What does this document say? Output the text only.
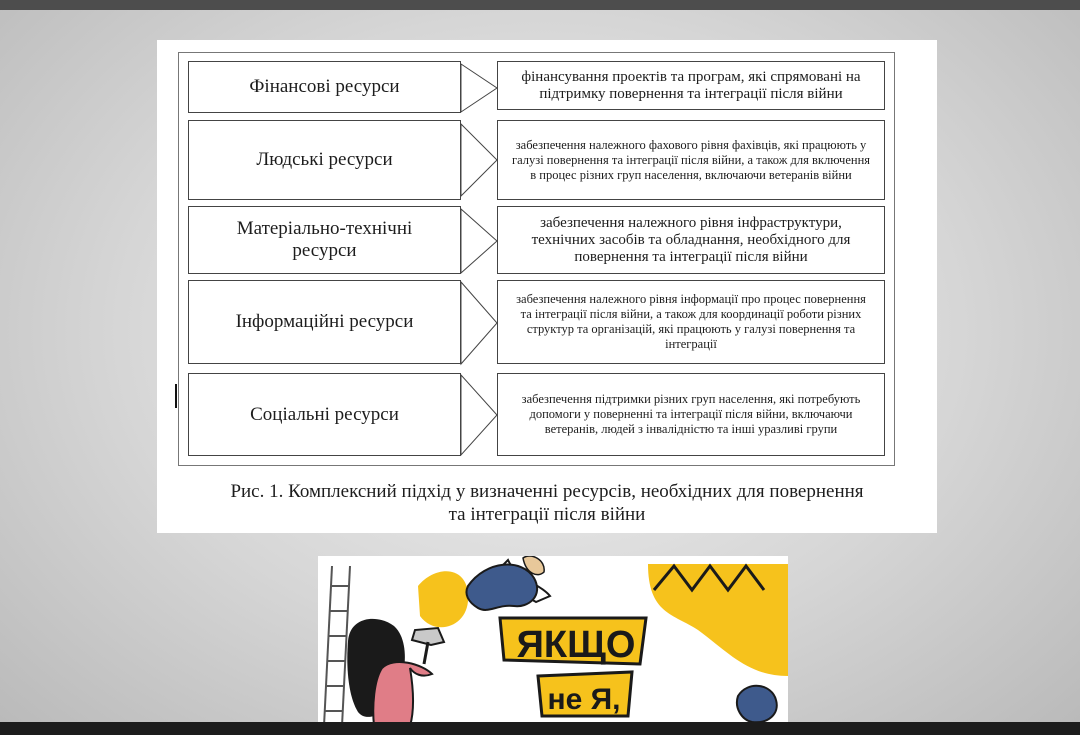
Фінансові ресурси	фінансування проектів та програм, які спрямовані на підтримку повернення та інтеграції після війни
Людські ресурси
забезпечення належного фахового рівня фахівців, які працюють у галузі повернення та інтеграції після війни, а також для включення в процес різних груп населення, включаючи ветеранів війни
Матеріально-технічні
ресурси
забезпечення належного рівня інфраструктури, технічних засобів та обладнання, необхідного для повернення та інтеграції після війни
Інформаційні ресурси
забезпечення належного рівня інформації про процес повернення та інтеграції після війни, а також для координації роботи різних структур та організацій, які працюють у галузі повернення та інтеграції
Соціальні ресурси
забезпечення підтримки різних груп населення, які потребують допомоги у поверненні та інтеграції після війни, включаючи ветеранів, людей з інвалідністю та інші уразливі групи
Рис. 1. Комплексний підхід у визначенні ресурсів, необхідних для повернення
та інтеграції після війни
ЯКЩО
не Я,
